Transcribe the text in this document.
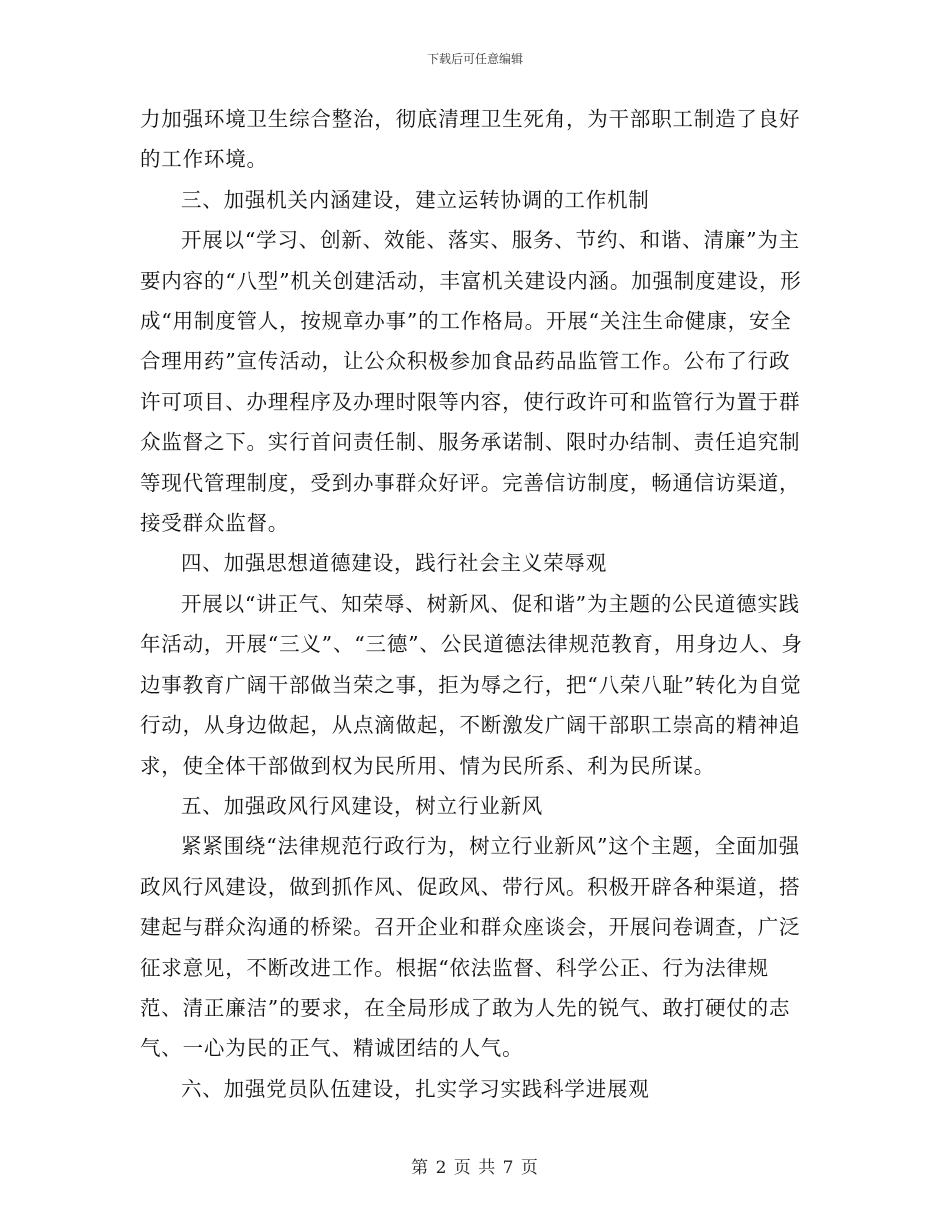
下载后可任意编辑

力加强环境卫生综合整治，彻底清理卫生死角，为干部职工制造了良好的工作环境。

三、加强机关内涵建设，建立运转协调的工作机制

开展以“学习、创新、效能、落实、服务、节约、和谐、清廉”为主要内容的“八型”机关创建活动，丰富机关建设内涵。加强制度建设，形成“用制度管人，按规章办事”的工作格局。开展“关注生命健康，安全合理用药”宣传活动，让公众积极参加食品药品监管工作。公布了行政许可项目、办理程序及办理时限等内容，使行政许可和监管行为置于群众监督之下。实行首问责任制、服务承诺制、限时办结制、责任追究制等现代管理制度，受到办事群众好评。完善信访制度，畅通信访渠道，接受群众监督。

四、加强思想道德建设，践行社会主义荣辱观

开展以“讲正气、知荣辱、树新风、促和谐”为主题的公民道德实践年活动，开展“三义”、“三德”、公民道德法律规范教育，用身边人、身边事教育广阔干部做当荣之事，拒为辱之行，把“八荣八耻”转化为自觉行动，从身边做起，从点滴做起，不断激发广阔干部职工崇高的精神追求，使全体干部做到权为民所用、情为民所系、利为民所谋。

五、加强政风行风建设，树立行业新风

紧紧围绕“法律规范行政行为，树立行业新风”这个主题，全面加强政风行风建设，做到抓作风、促政风、带行风。积极开辟各种渠道，搭建起与群众沟通的桥梁。召开企业和群众座谈会，开展问卷调查，广泛征求意见，不断改进工作。根据“依法监督、科学公正、行为法律规范、清正廉洁”的要求，在全局形成了敢为人先的锐气、敢打硬仗的志气、一心为民的正气、精诚团结的人气。

六、加强党员队伍建设，扎实学习实践科学进展观

第 2 页 共 7 页
